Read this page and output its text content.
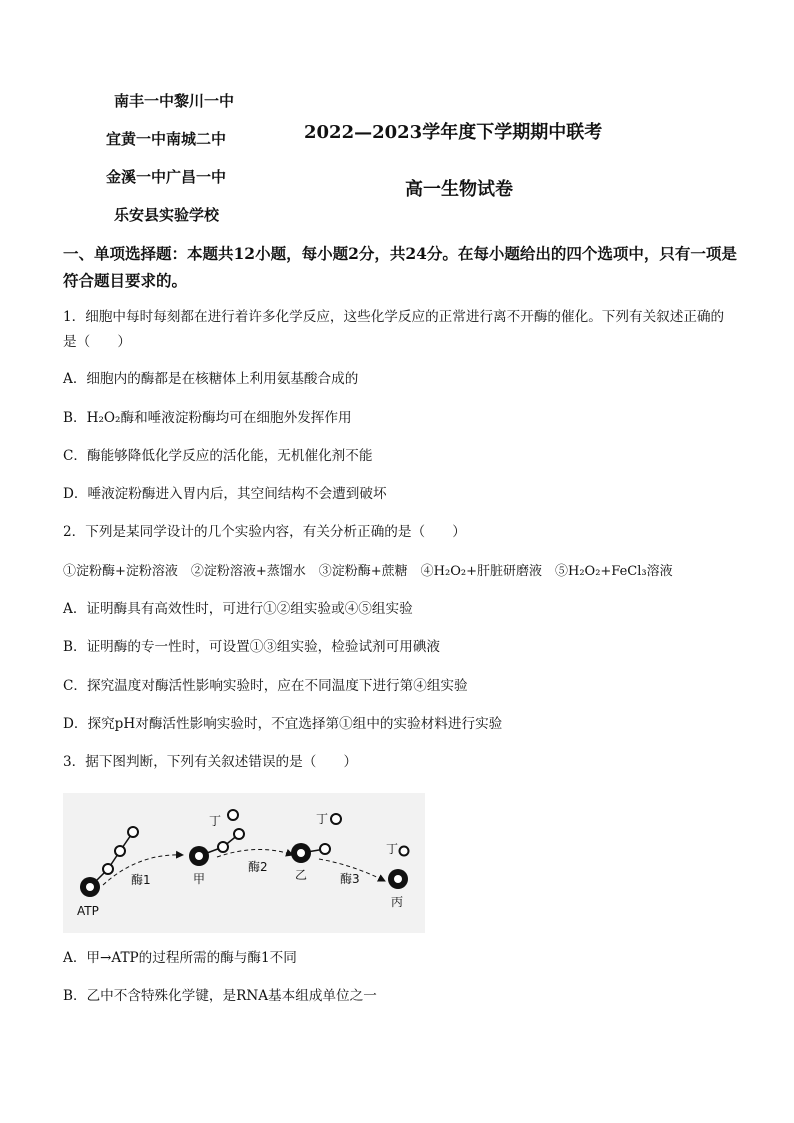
南丰一中黎川一中
宜黄一中南城二中
金溪一中广昌一中
乐安县实验学校
2022—2023学年度下学期期中联考
高一生物试卷
一、单项选择题：本题共12小题，每小题2分，共24分。在每小题给出的四个选项中，只有一项是符合题目要求的。
1．细胞中每时每刻都在进行着许多化学反应，这些化学反应的正常进行离不开酶的催化。下列有关叙述正确的是（　　）
A．细胞内的酶都是在核糖体上利用氨基酸合成的
B．H₂O₂酶和唾液淀粉酶均可在细胞外发挥作用
C．酶能够降低化学反应的活化能，无机催化剂不能
D．唾液淀粉酶进入胃内后，其空间结构不会遭到破坏
2．下列是某同学设计的几个实验内容，有关分析正确的是（　　）
①淀粉酶+淀粉溶液　②淀粉溶液+蒸馏水　③淀粉酶+蔗糖　④H₂O₂+肝脏研磨液　⑤H₂O₂+FeCl₃溶液
A．证明酶具有高效性时，可进行①②组实验或④⑤组实验
B．证明酶的专一性时，可设置①③组实验，检验试剂可用碘液
C．探究温度对酶活性影响实验时，应在不同温度下进行第④组实验
D．探究pH对酶活性影响实验时，不宜选择第①组中的实验材料进行实验
3．据下图判断，下列有关叙述错误的是（　　）
ATP
酶1	甲
丁
酶2
乙
丁
酶3
丙
丁
A．甲→ATP的过程所需的酶与酶1不同
B．乙中不含特殊化学键，是RNA基本组成单位之一
